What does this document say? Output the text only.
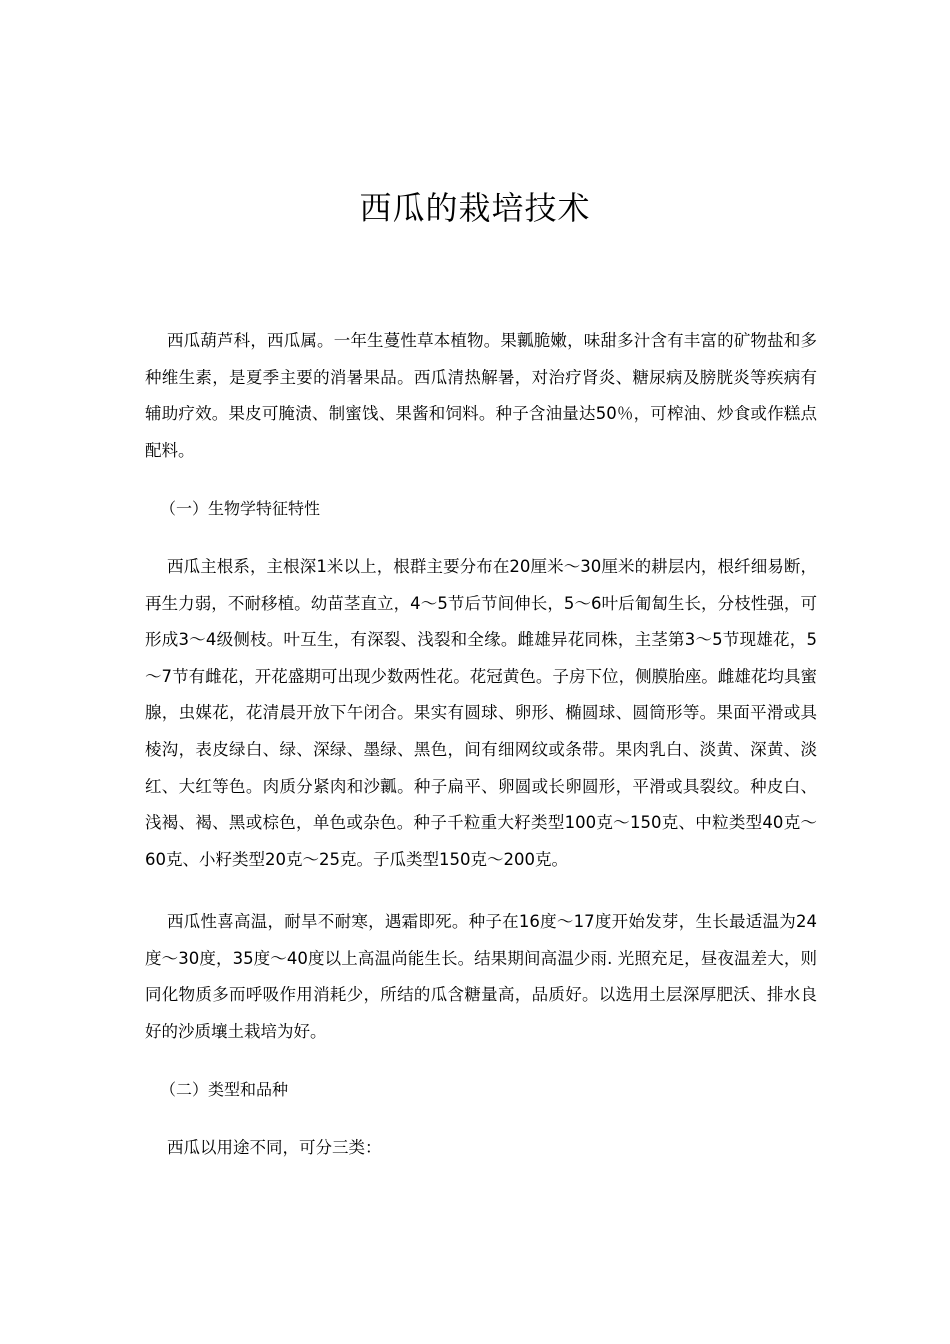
西瓜的栽培技术

西瓜葫芦科，西瓜属。一年生蔓性草本植物。果瓤脆嫩，味甜多汁含有丰富的矿物盐和多种维生素，是夏季主要的消暑果品。西瓜清热解暑，对治疗肾炎、糖尿病及膀胱炎等疾病有辅助疗效。果皮可腌渍、制蜜饯、果酱和饲料。种子含油量达50％，可榨油、炒食或作糕点配料。

（一）生物学特征特性

西瓜主根系，主根深1米以上，根群主要分布在20厘米～30厘米的耕层内，根纤细易断，再生力弱，不耐移植。幼苗茎直立，4～5节后节间伸长，5～6叶后匍匐生长，分枝性强，可形成3～4级侧枝。叶互生，有深裂、浅裂和全缘。雌雄异花同株，主茎第3～5节现雄花，5～7节有雌花，开花盛期可出现少数两性花。花冠黄色。子房下位，侧膜胎座。雌雄花均具蜜腺，虫媒花，花清晨开放下午闭合。果实有圆球、卵形、椭圆球、圆筒形等。果面平滑或具棱沟，表皮绿白、绿、深绿、墨绿、黑色，间有细网纹或条带。果肉乳白、淡黄、深黄、淡红、大红等色。肉质分紧肉和沙瓤。种子扁平、卵圆或长卵圆形，平滑或具裂纹。种皮白、浅褐、褐、黑或棕色，单色或杂色。种子千粒重大籽类型100克～150克、中粒类型40克～60克、小籽类型20克～25克。子瓜类型150克～200克。

西瓜性喜高温，耐旱不耐寒，遇霜即死。种子在16度～17度开始发芽，生长最适温为24度～30度，35度～40度以上高温尚能生长。结果期间高温少雨. 光照充足，昼夜温差大，则同化物质多而呼吸作用消耗少，所结的瓜含糖量高，品质好。以选用土层深厚肥沃、排水良好的沙质壤土栽培为好。

（二）类型和品种

西瓜以用途不同，可分三类：
